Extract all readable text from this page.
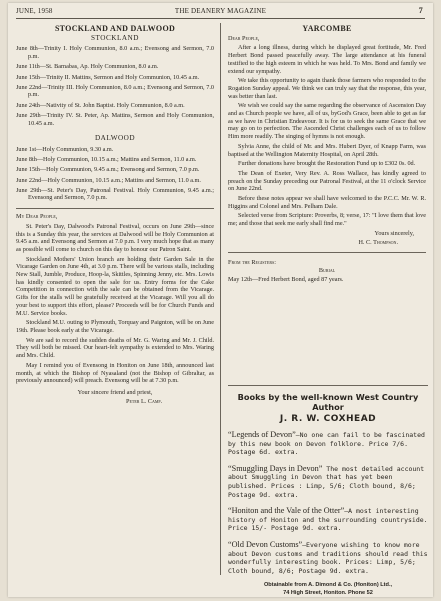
JUNE, 1958	THE DEANERY MAGAZINE	7
STOCKLAND AND DALWOOD
STOCKLAND
June 8th—Trinity I. Holy Communion, 8.0 a.m.; Evensong and Sermon, 7.0 p.m.
June 11th—St. Barnabas, Ap. Holy Communion, 8.0 a.m.
June 15th—Trinity II. Mattins, Sermon and Holy Communion, 10.45 a.m.
June 22nd—Trinity III. Holy Communion, 8.0 a.m.; Evensong and Sermon, 7.0 p.m.
June 24th—Nativity of St. John Baptist. Holy Communion, 8.0 a.m.
June 29th—Trinity IV. St. Peter, Ap. Mattins, Sermon and Holy Communion, 10.45 a.m.
DALWOOD
June 1st—Holy Communion, 9.30 a.m.
June 8th—Holy Communion, 10.15 a.m.; Mattins and Sermon, 11.0 a.m.
June 15th—Holy Communion, 9.45 a.m.; Evensong and Sermon, 7.0 p.m.
June 22nd—Holy Communion, 10.15 a.m.; Mattins and Sermon, 11.0 a.m.
June 29th—St. Peter's Day, Patronal Festival. Holy Communion, 9.45 a.m.; Evensong and Sermon, 7.0 p.m.
My Dear People,

St. Peter's Day, Dalwood's Patronal Festival, occurs on June 29th—since this is a Sunday this year, the services at Dalwood will be Holy Communion at 9.45 a.m. and Evensong and Sermon at 7.0 p.m. I very much hope that as many as possible will come to church on this day to honour our Patron Saint.

Stockland Mothers' Union branch are holding their Garden Sale in the Vicarage Garden on June 4th, at 3.0 p.m. There will be various stalls, including New Stall, Jumble, Produce, Hoop-la, Skittles, Spinning Jenny, etc. Mrs. Lowis has kindly consented to open the sale for us. Entry forms for the Cake Competition in connection with the sale can be obtained from the Vicarage. Gifts for the stalls will be gratefully received at the Vicarage. Will you all do your best to support this effort, please? Proceeds will be for Church Funds and M.U. Service books.

Stockland M.U. outing to Plymouth, Torquay and Paignton, will be on June 19th. Please book early at the Vicarage.

We are sad to record the sudden deaths of Mr. G. Waring and Mr. J. Child. They will both be missed. Our heart-felt sympathy is extended to Mrs. Waring and Mrs. Child.

May I remind you of Evensong in Honiton on June 18th, announced last month, at which the Bishop of Nyasaland (not the Bishop of Gibraltar, as previously announced) will preach. Evensong will be at 7.30 p.m.

Your sincere friend and priest,
Peter L. Camp.
YARCOMBE
Dear People,

After a long illness, during which he displayed great fortitude, Mr. Fred Herbert Bond passed peacefully away. The large attendance at his funeral testified to the high esteem in which he was held. To Mrs. Bond and family we extend our sympathy.

We take this opportunity to again thank those farmers who responded to the Rogation Sunday appeal. We think we can truly say that the response, this year, was better than last.

We wish we could say the same regarding the observance of Ascension Day and as Church people we have, all of us, byGod's Grace, been able to get as far as we have in Christian Endeavour. It is for us to seek the same Grace that we may go on to perfection. The Ascended Christ challenges each of us to follow Him more readily. The singing of hymns is not enough.

Sylvia Anne, the child of Mr. and Mrs. Hubert Dyer, of Knapp Farm, was baptised at the Wellington Maternity Hospital, on April 28th.

Further donations have brought the Restoration Fund up to £302 0s. 0d.

The Dean of Exeter, Very Rev. A. Ross Wallace, has kindly agreed to preach on the Sunday preceding our Patronal Festival, at the 11 o'clock Service on June 22nd.

Before these notes appear we shall have welcomed to the P.C.C. Mr. W. R. Higgins and Colonel and Mrs. Pelham Dale.

Selected verse from Scripture: Proverbs, 8; verse, 17: "I love them that love me; and those that seek me early shall find me."

Yours sincerely,
H. C. Thompson.
From the Registers:
Burial
May 12th—Fred Herbert Bond, aged 87 years.
Books by the well-known West Country Author
J. R. W. COXHEAD
“Legends of Devon”—No one can fail to be fascinated by this new book on Devon folklore. Price 7/6. Postage 6d. extra.
“Smuggling Days in Devon” The most detailed account about Smuggling in Devon that has yet been published. Prices : Limp, 5/6; Cloth bound, 8/6; Postage 9d. extra.
“Honiton and the Vale of the Otter”—A most interesting history of Honiton and the surrounding countryside. Price 15/- Postage 9d. extra.
“Old Devon Customs”—Everyone wishing to know more about Devon customs and traditions should read this wonderfully interesting book. Prices: Limp, 5/6; Cloth bound, 8/6; Postage 9d. extra.
Obtainable from A. Dimond & Co. (Honiton) Ltd.,
74 High Street, Honiton. Phone 52
